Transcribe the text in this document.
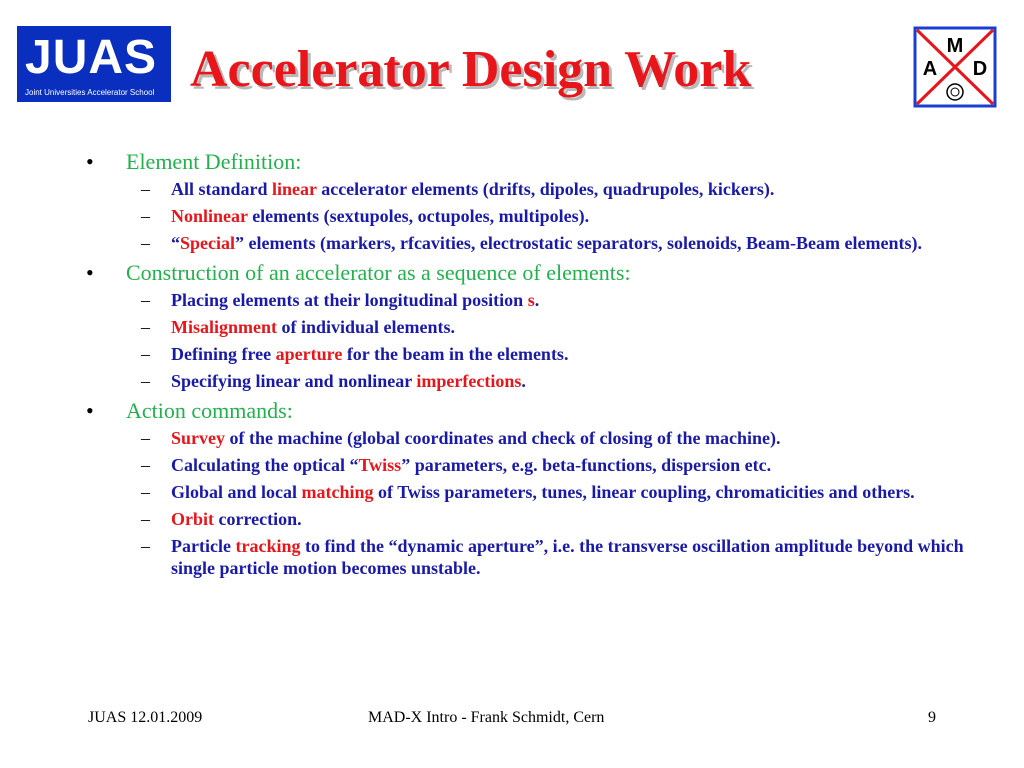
JUAS
Joint Universities Accelerator School Accelerator Design Work	M
A D
• Element Definition:
– All standard linear accelerator elements (drifts, dipoles, quadrupoles, kickers).
– Nonlinear elements (sextupoles, octupoles, multipoles).
– “Special” elements (markers, rfcavities, electrostatic separators, solenoids, Beam-Beam elements).
• Construction of an accelerator as a sequence of elements:
– Placing elements at their longitudinal position s.
– Misalignment of individual elements.
– Defining free aperture for the beam in the elements.
– Specifying linear and nonlinear imperfections.
• Action commands:
– Survey of the machine (global coordinates and check of closing of the machine).
– Calculating the optical “Twiss” parameters, e.g. beta-functions, dispersion etc.
– Global and local matching of Twiss parameters, tunes, linear coupling, chromaticities and others.
– Orbit correction.
– Particle tracking to find the “dynamic aperture”, i.e. the transverse oscillation amplitude beyond which single particle motion becomes unstable.
JUAS 12.01.2009	MAD-X Intro - Frank Schmidt, Cern	9
